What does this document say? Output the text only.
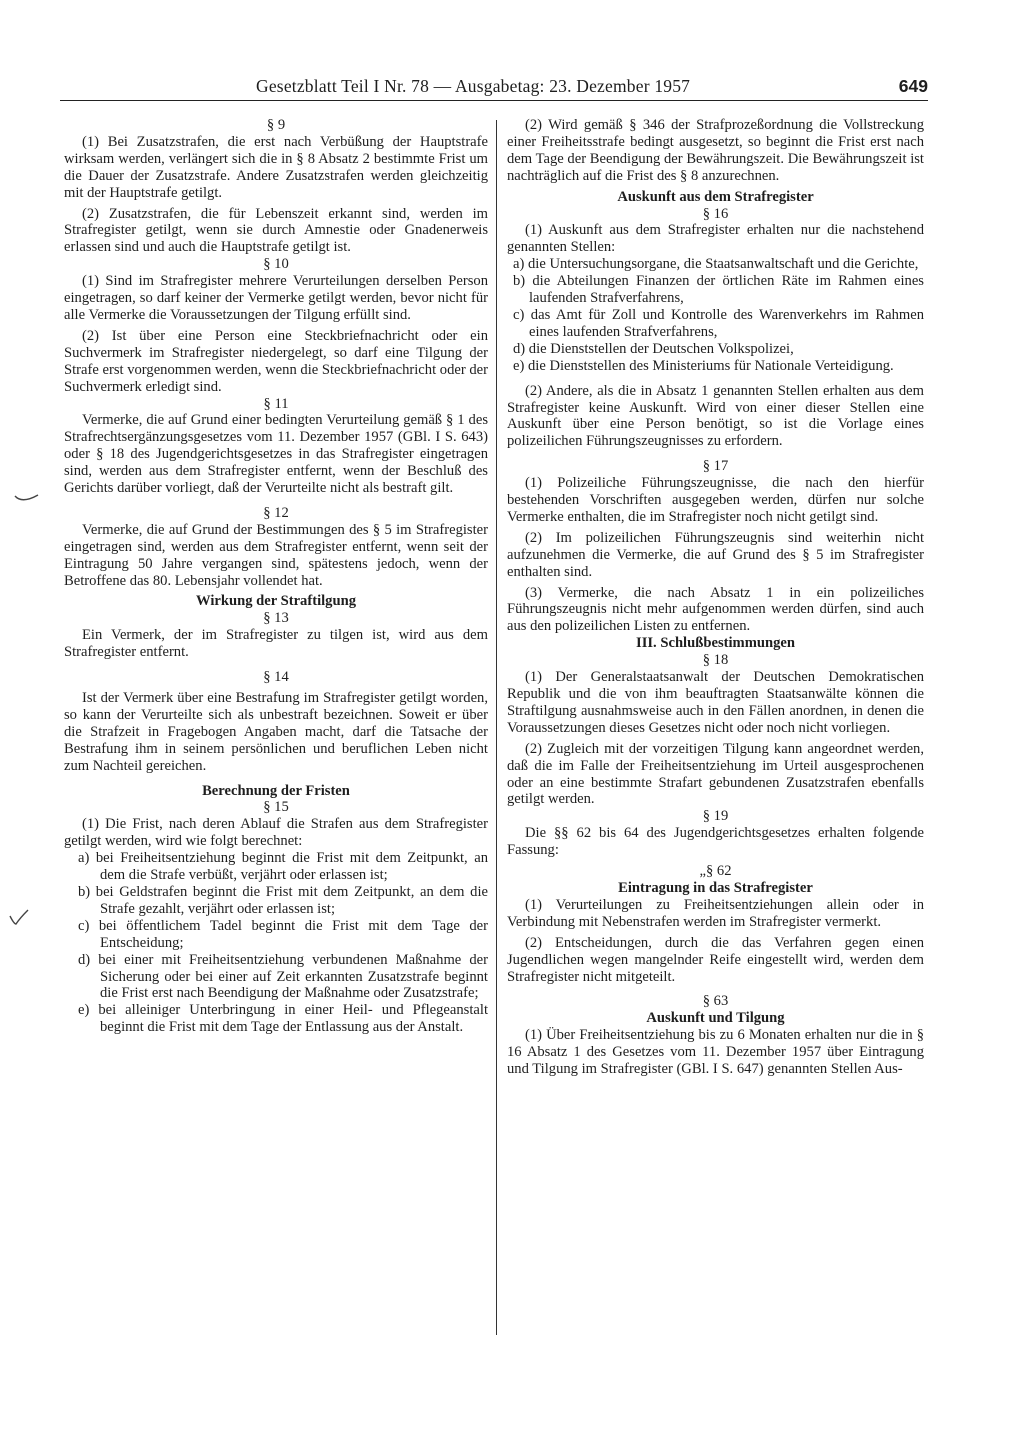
Gesetzblatt Teil I Nr. 78 — Ausgabetag: 23. Dezember 1957	649

§ 9

(1) Bei Zusatzstrafen, die erst nach Verbüßung der Hauptstrafe wirksam werden, verlängert sich die in § 8 Absatz 2 bestimmte Frist um die Dauer der Zusatzstrafe. Andere Zusatzstrafen werden gleichzeitig mit der Hauptstrafe getilgt.

(2) Zusatzstrafen, die für Lebenszeit erkannt sind, werden im Strafregister getilgt, wenn sie durch Amnestie oder Gnadenerweis erlassen sind und auch die Hauptstrafe getilgt ist.

§ 10

(1) Sind im Strafregister mehrere Verurteilungen derselben Person eingetragen, so darf keiner der Vermerke getilgt werden, bevor nicht für alle Vermerke die Voraussetzungen der Tilgung erfüllt sind.

(2) Ist über eine Person eine Steckbriefnachricht oder ein Suchvermerk im Strafregister niedergelegt, so darf eine Tilgung der Strafe erst vorgenommen werden, wenn die Steckbriefnachricht oder der Suchvermerk erledigt sind.

§ 11

Vermerke, die auf Grund einer bedingten Verurteilung gemäß § 1 des Strafrechtsergänzungsgesetzes vom 11. Dezember 1957 (GBl. I S. 643) oder § 18 des Jugendgerichtsgesetzes in das Strafregister eingetragen sind, werden aus dem Strafregister entfernt, wenn der Beschluß des Gerichts darüber vorliegt, daß der Verurteilte nicht als bestraft gilt.

§ 12

Vermerke, die auf Grund der Bestimmungen des § 5 im Strafregister eingetragen sind, werden aus dem Strafregister entfernt, wenn seit der Eintragung 50 Jahre vergangen sind, spätestens jedoch, wenn der Betroffene das 80. Lebensjahr vollendet hat.

Wirkung der Straftilgung

§ 13

Ein Vermerk, der im Strafregister zu tilgen ist, wird aus dem Strafregister entfernt.

§ 14

Ist der Vermerk über eine Bestrafung im Strafregister getilgt worden, so kann der Verurteilte sich als unbestraft bezeichnen. Soweit er über die Strafzeit in Fragebogen Angaben macht, darf die Tatsache der Bestrafung ihm in seinem persönlichen und beruflichen Leben nicht zum Nachteil gereichen.

Berechnung der Fristen

§ 15

(1) Die Frist, nach deren Ablauf die Strafen aus dem Strafregister getilgt werden, wird wie folgt berechnet:

a) bei Freiheitsentziehung beginnt die Frist mit dem Zeitpunkt, an dem die Strafe verbüßt, verjährt oder erlassen ist;

b) bei Geldstrafen beginnt die Frist mit dem Zeitpunkt, an dem die Strafe gezahlt, verjährt oder erlassen ist;

c) bei öffentlichem Tadel beginnt die Frist mit dem Tage der Entscheidung;

d) bei einer mit Freiheitsentziehung verbundenen Maßnahme der Sicherung oder bei einer auf Zeit erkannten Zusatzstrafe beginnt die Frist erst nach Beendigung der Maßnahme oder Zusatzstrafe;

e) bei alleiniger Unterbringung in einer Heil- und Pflegeanstalt beginnt die Frist mit dem Tage der Entlassung aus der Anstalt.

(2) Wird gemäß § 346 der Strafprozeßordnung die Vollstreckung einer Freiheitsstrafe bedingt ausgesetzt, so beginnt die Frist erst nach dem Tage der Beendigung der Bewährungszeit. Die Bewährungszeit ist nachträglich auf die Frist des § 8 anzurechnen.

Auskunft aus dem Strafregister

§ 16

(1) Auskunft aus dem Strafregister erhalten nur die nachstehend genannten Stellen:

a) die Untersuchungsorgane, die Staatsanwaltschaft und die Gerichte,

b) die Abteilungen Finanzen der örtlichen Räte im Rahmen eines laufenden Strafverfahrens,

c) das Amt für Zoll und Kontrolle des Warenverkehrs im Rahmen eines laufenden Strafverfahrens,

d) die Dienststellen der Deutschen Volkspolizei,

e) die Dienststellen des Ministeriums für Nationale Verteidigung.

(2) Andere, als die in Absatz 1 genannten Stellen erhalten aus dem Strafregister keine Auskunft. Wird von einer dieser Stellen eine Auskunft über eine Person benötigt, so ist die Vorlage eines polizeilichen Führungszeugnisses zu erfordern.

§ 17

(1) Polizeiliche Führungszeugnisse, die nach den hierfür bestehenden Vorschriften ausgegeben werden, dürfen nur solche Vermerke enthalten, die im Strafregister noch nicht getilgt sind.

(2) Im polizeilichen Führungszeugnis sind weiterhin nicht aufzunehmen die Vermerke, die auf Grund des § 5 im Strafregister enthalten sind.

(3) Vermerke, die nach Absatz 1 in ein polizeiliches Führungszeugnis nicht mehr aufgenommen werden dürfen, sind auch aus den polizeilichen Listen zu entfernen.

III. Schlußbestimmungen

§ 18

(1) Der Generalstaatsanwalt der Deutschen Demokratischen Republik und die von ihm beauftragten Staatsanwälte können die Straftilgung ausnahmsweise auch in den Fällen anordnen, in denen die Voraussetzungen dieses Gesetzes nicht oder noch nicht vorliegen.

(2) Zugleich mit der vorzeitigen Tilgung kann angeordnet werden, daß die im Falle der Freiheitsentziehung im Urteil ausgesprochenen oder an eine bestimmte Strafart gebundenen Zusatzstrafen ebenfalls getilgt werden.

§ 19

Die §§ 62 bis 64 des Jugendgerichtsgesetzes erhalten folgende Fassung:

„§ 62

Eintragung in das Strafregister

(1) Verurteilungen zu Freiheitsentziehungen allein oder in Verbindung mit Nebenstrafen werden im Strafregister vermerkt.

(2) Entscheidungen, durch die das Verfahren gegen einen Jugendlichen wegen mangelnder Reife eingestellt wird, werden dem Strafregister nicht mitgeteilt.

§ 63

Auskunft und Tilgung

(1) Über Freiheitsentziehung bis zu 6 Monaten erhalten nur die in § 16 Absatz 1 des Gesetzes vom 11. Dezember 1957 über Eintragung und Tilgung im Strafregister (GBl. I S. 647) genannten Stellen Aus-
